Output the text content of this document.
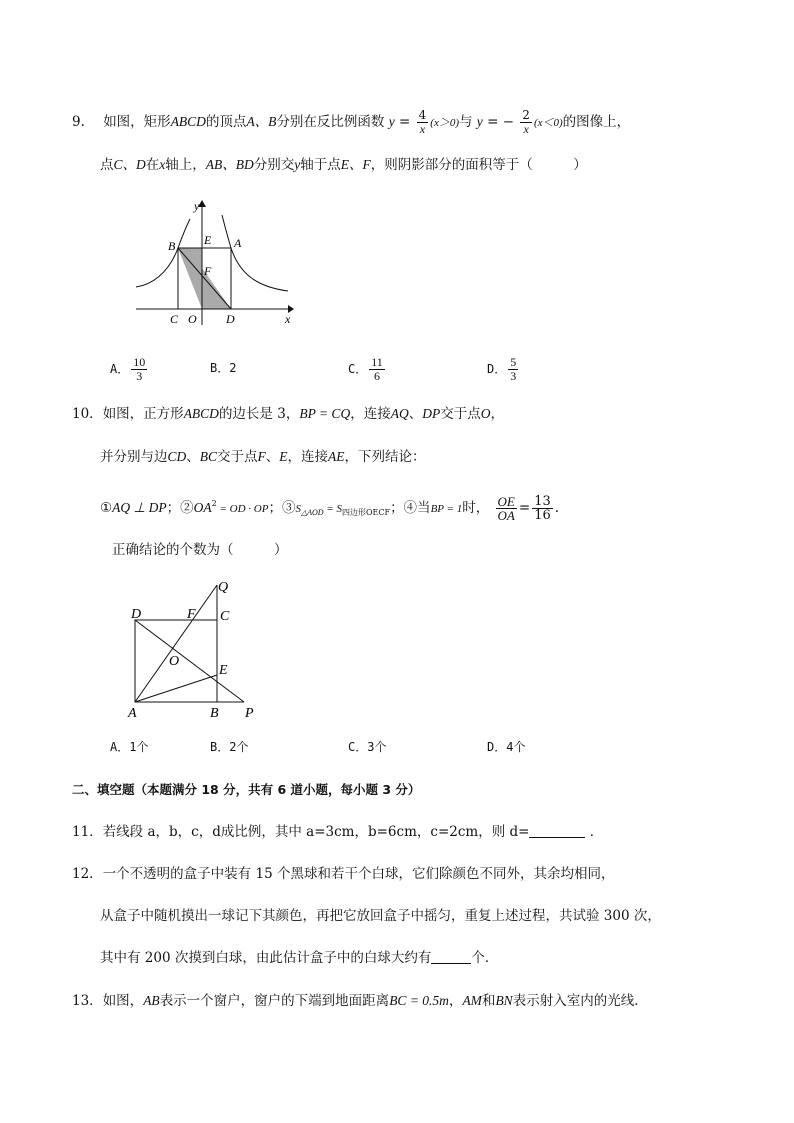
9. 如图，矩形ABCD的顶点A、B分别在反比例函数 $y = \frac{4}{x} (x>0)$与 y = − $\frac{2}{x} (x<0)$的图像上，
点C、D在x轴上，AB、BD分别交y轴于点E、F，则阴影部分的面积等于（　　　）
y
x
B E A
F
C O D
A． $\frac{10}{3}$	B．2	C． $\frac{11}{6}$	D． $\frac{5}{3}$
10．如图，正方形ABCD的边长是 3，BP = CQ，连接AQ、DP交于点O，
并分别与边CD、BC交于点F、E，连接AE，下列结论：
①AQ ⊥ DP；$②OA^2$ = OD · OP；$③S_{\triangle AOD} = S_{四边形OECF}$；④当BP = 1时， $\frac{OE}{OA} = \frac{13}{16}$ .
正确结论的个数为（　　　）
Q
D	F C
O
E
A	B P
A．1个	B．2个	C．3个	D．4个
二、填空题（本题满分 18 分，共有 6 道小题，每小题 3 分）
11．若线段 a，b，c，d成比例，其中 a=3cm，b=6cm，c=2cm，则 d=	．
12．一个不透明的盒子中装有 15 个黑球和若干个白球，它们除颜色不同外，其余均相同，
从盒子中随机摸出一球记下其颜色，再把它放回盒子中摇匀，重复上述过程，共试验 300 次，
其中有 200 次摸到白球，由此估计盒子中的白球大约有	个．
13．如图，AB表示一个窗户，窗户的下端到地面距离BC = 0.5m，AM和BN表示射入室内的光线．
